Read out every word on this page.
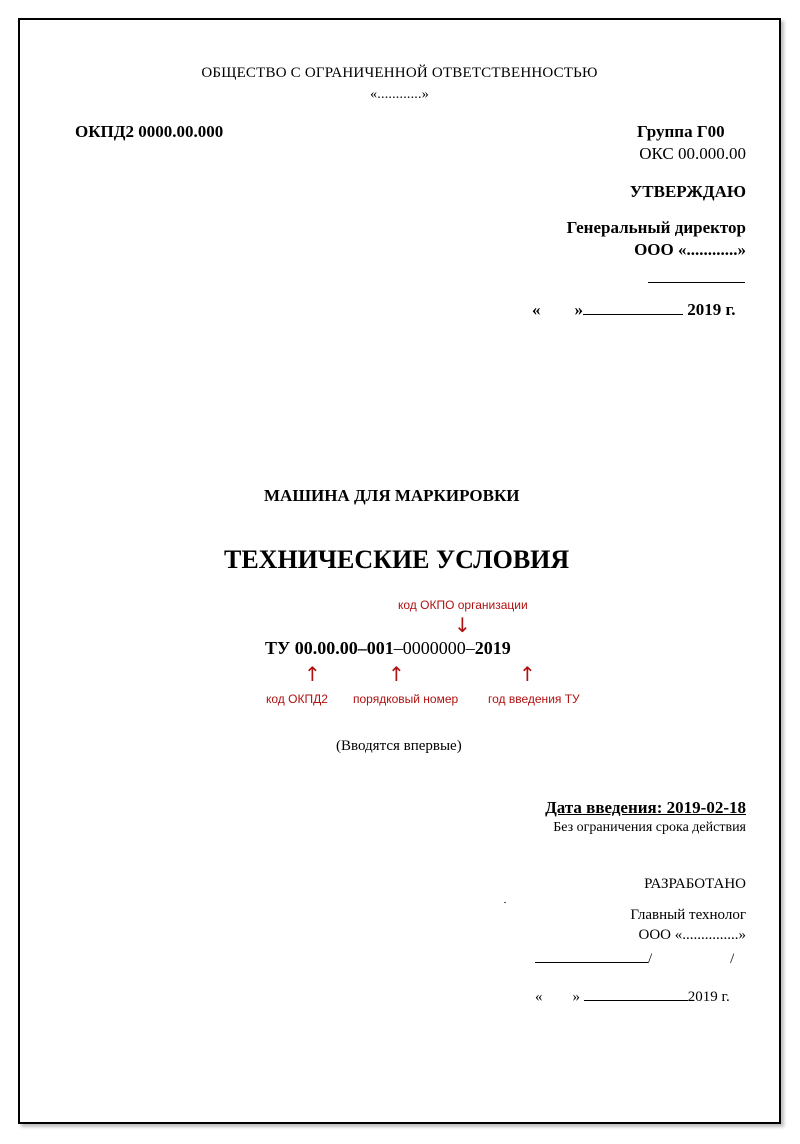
ОБЩЕСТВО С ОГРАНИЧЕННОЙ ОТВЕТСТВЕННОСТЬЮ
«............»
ОКПД2 0000.00.000	Группа Г00
ОКС 00.000.00
УТВЕРЖДАЮ
Генеральный директор
ООО «............»
«        »	2019 г.
МАШИНА ДЛЯ МАРКИРОВКИ
ТЕХНИЧЕСКИЕ УСЛОВИЯ
код ОКПО организации
↓
ТУ 00.00.00–001–0000000–2019
↑	↑	↑
код ОКПД2 порядковый номер год введения ТУ
(Вводятся впервые)
Дата введения: 2019-02-18
Без ограничения срока действия
РАЗРАБОТАНО
Главный технолог
ООО «...............»
/	/
«        »	2019 г.
